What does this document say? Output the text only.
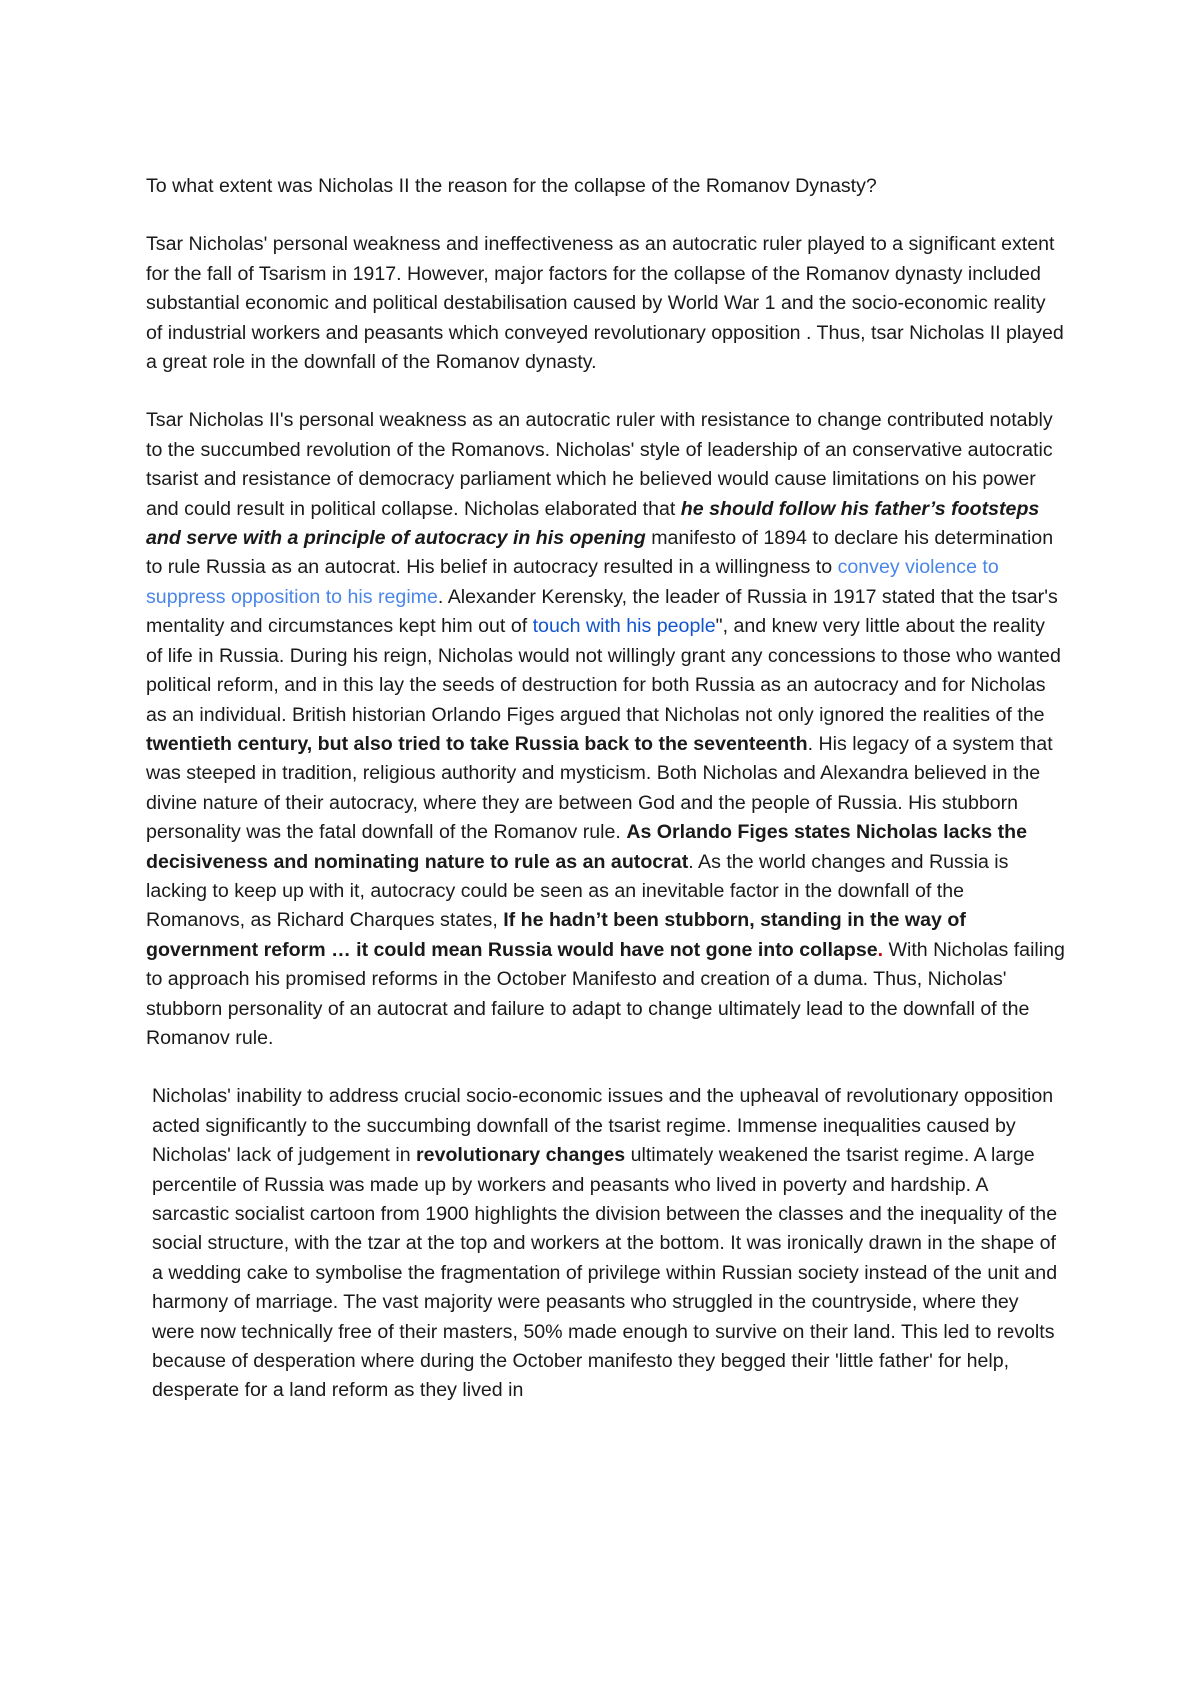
To what extent was Nicholas II the reason for the collapse of the Romanov Dynasty?

Tsar Nicholas' personal weakness and ineffectiveness as an autocratic ruler played to a significant extent for the fall of Tsarism in 1917. However, major factors for the collapse of the Romanov dynasty included substantial economic and political destabilisation caused by World War 1 and the socio-economic reality of industrial workers and peasants which conveyed revolutionary opposition . Thus, tsar Nicholas II played a great role in the downfall of the Romanov dynasty.

Tsar Nicholas II's personal weakness as an autocratic ruler with resistance to change contributed notably to the succumbed revolution of the Romanovs. Nicholas' style of leadership of an conservative autocratic tsarist and resistance of democracy parliament which he believed would cause limitations on his power and could result in political collapse. Nicholas elaborated that he should follow his father’s footsteps and serve with a principle of autocracy in his opening manifesto of 1894 to declare his determination to rule Russia as an autocrat. His belief in autocracy resulted in a willingness to convey violence to suppress opposition to his regime. Alexander Kerensky, the leader of Russia in 1917 stated that the tsar's mentality and circumstances kept him out of touch with his people", and knew very little about the reality of life in Russia. During his reign, Nicholas would not willingly grant any concessions to those who wanted political reform, and in this lay the seeds of destruction for both Russia as an autocracy and for Nicholas as an individual. British historian Orlando Figes argued that Nicholas not only ignored the realities of the twentieth century, but also tried to take Russia back to the seventeenth. His legacy of a system that was steeped in tradition, religious authority and mysticism. Both Nicholas and Alexandra believed in the divine nature of their autocracy, where they are between God and the people of Russia. His stubborn personality was the fatal downfall of the Romanov rule. As Orlando Figes states Nicholas lacks the decisiveness and nominating nature to rule as an autocrat. As the world changes and Russia is lacking to keep up with it, autocracy could be seen as an inevitable factor in the downfall of the Romanovs, as Richard Charques states, If he hadn’t been stubborn, standing in the way of government reform … it could mean Russia would have not gone into collapse. With Nicholas failing to approach his promised reforms in the October Manifesto and creation of a duma. Thus, Nicholas' stubborn personality of an autocrat and failure to adapt to change ultimately lead to the downfall of the Romanov rule.

Nicholas' inability to address crucial socio-economic issues and the upheaval of revolutionary opposition acted significantly to the succumbing downfall of the tsarist regime. Immense inequalities caused by Nicholas' lack of judgement in revolutionary changes ultimately weakened the tsarist regime. A large percentile of Russia was made up by workers and peasants who lived in poverty and hardship. A sarcastic socialist cartoon from 1900 highlights the division between the classes and the inequality of the social structure, with the tzar at the top and workers at the bottom. It was ironically drawn in the shape of a wedding cake to symbolise the fragmentation of privilege within Russian society instead of the unit and harmony of marriage. The vast majority were peasants who struggled in the countryside, where they were now technically free of their masters, 50% made enough to survive on their land. This led to revolts because of desperation where during the October manifesto they begged their 'little father' for help, desperate for a land reform as they lived in
